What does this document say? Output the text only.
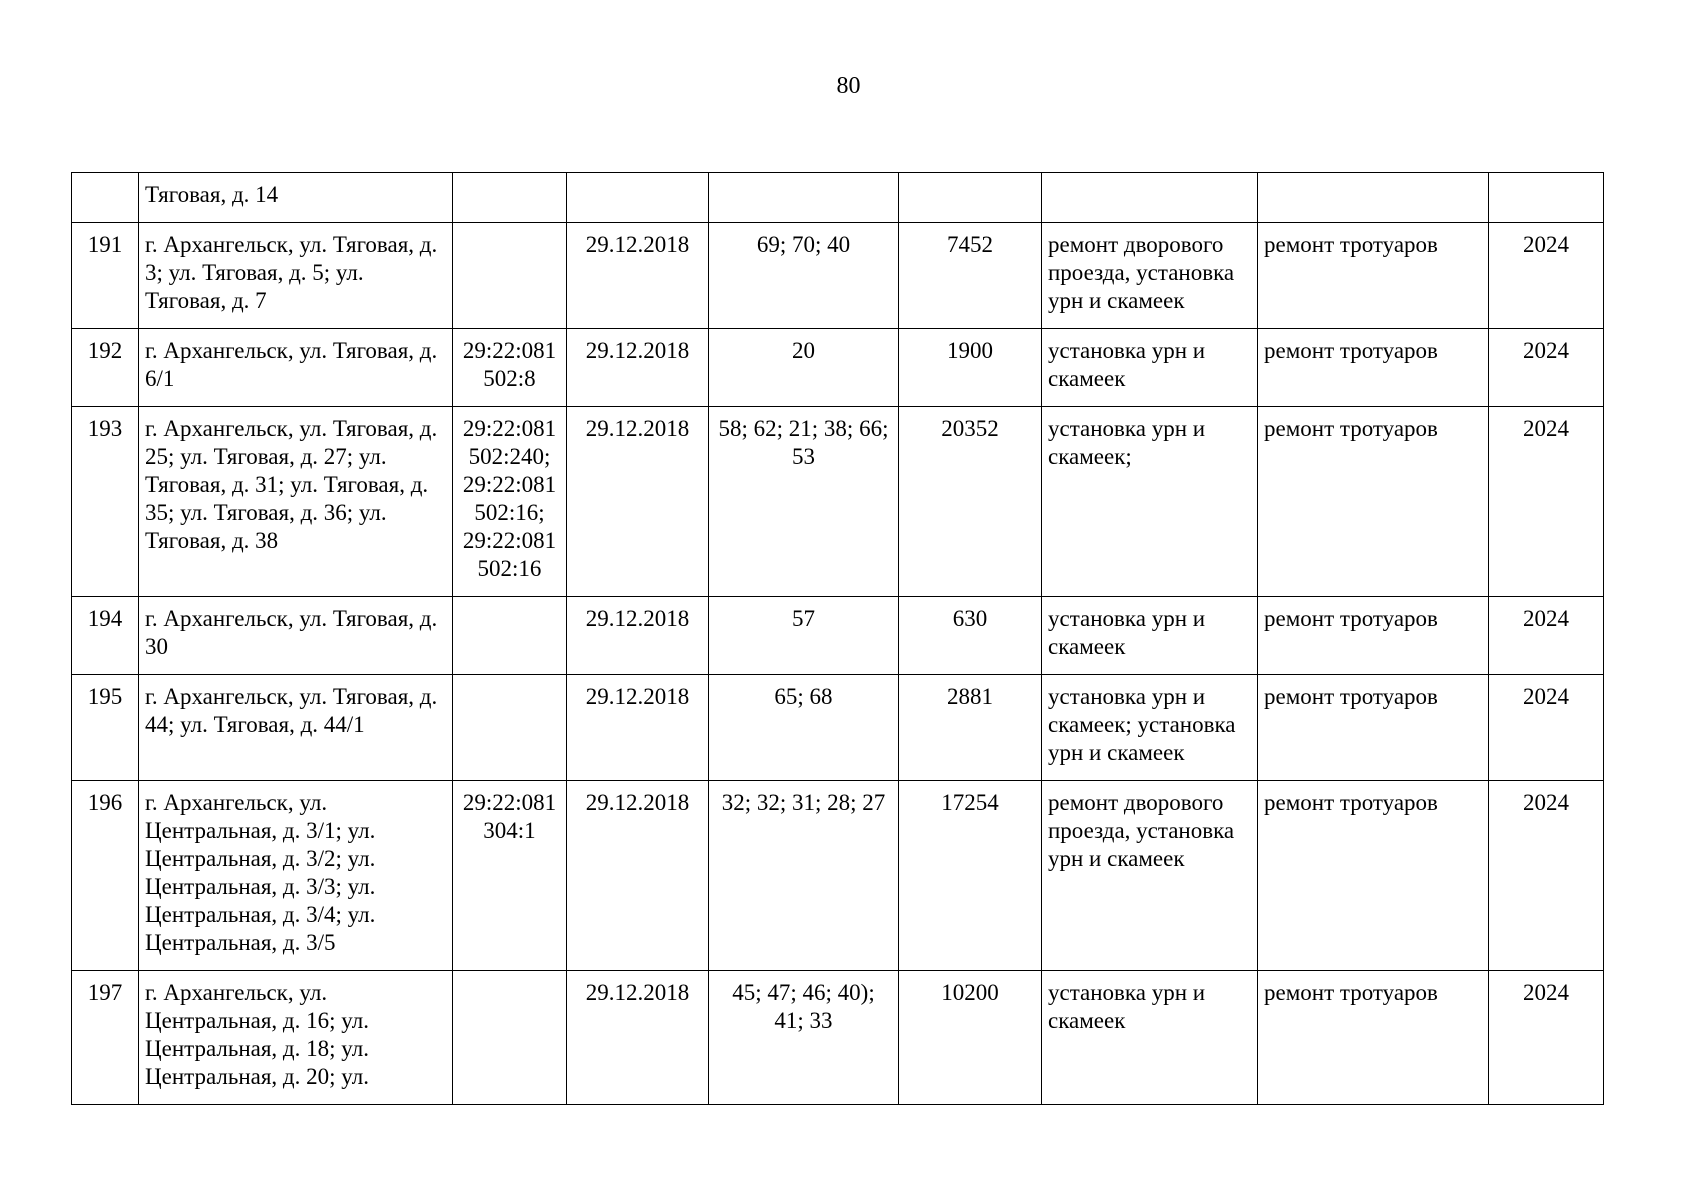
80
	Тяговая, д. 14							
191	г. Архангельск, ул. Тяговая, д. 3; ул. Тяговая, д. 5; ул. Тяговая, д. 7		29.12.2018	69; 70; 40	7452	ремонт дворового проезда, установка урн и скамеек	ремонт тротуаров	2024
192	г. Архангельск, ул. Тяговая, д. 6/1	29:22:081 502:8	29.12.2018	20	1900	установка урн и скамеек	ремонт тротуаров	2024
193	г. Архангельск, ул. Тяговая, д. 25; ул. Тяговая, д. 27; ул. Тяговая, д. 31; ул. Тяговая, д. 35; ул. Тяговая, д. 36; ул. Тяговая, д. 38	29:22:081 502:240; 29:22:081 502:16; 29:22:081 502:16	29.12.2018	58; 62; 21; 38; 66; 53	20352	установка урн и скамеек;	ремонт тротуаров	2024
194	г. Архангельск, ул. Тяговая, д. 30		29.12.2018	57	630	установка урн и скамеек	ремонт тротуаров	2024
195	г. Архангельск, ул. Тяговая, д. 44; ул. Тяговая, д. 44/1		29.12.2018	65; 68	2881	установка урн и скамеек; установка урн и скамеек	ремонт тротуаров	2024
196	г. Архангельск, ул. Центральная, д. 3/1; ул. Центральная, д. 3/2; ул. Центральная, д. 3/3; ул. Центральная, д. 3/4; ул. Центральная, д. 3/5	29:22:081 304:1	29.12.2018	32; 32; 31; 28; 27	17254	ремонт дворового проезда, установка урн и скамеек	ремонт тротуаров	2024
197	г. Архангельск, ул. Центральная, д. 16; ул. Центральная, д. 18; ул. Центральная, д. 20; ул.		29.12.2018	45; 47; 46; 40); 41; 33	10200	установка урн и скамеек	ремонт тротуаров	2024
